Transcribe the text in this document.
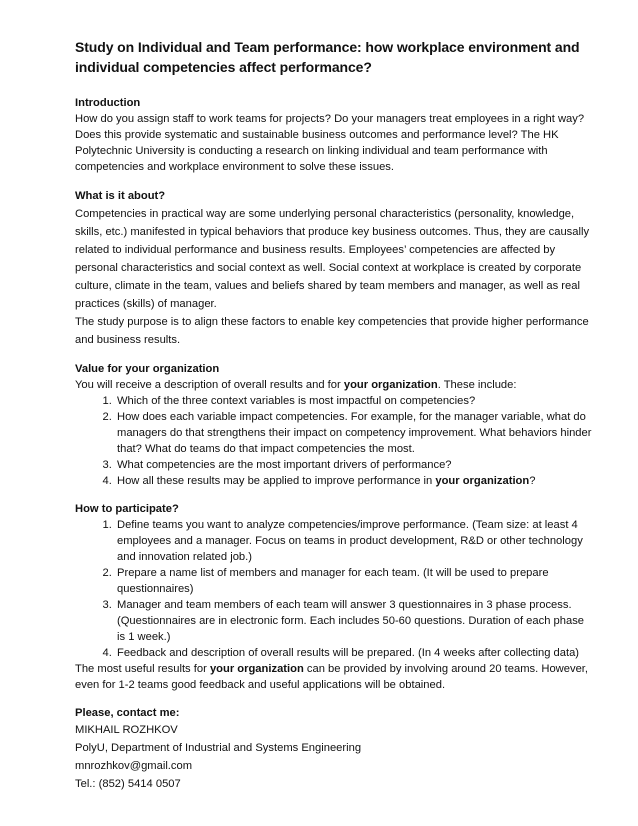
Study on Individual and Team performance: how workplace environment and individual competencies affect performance?
Introduction
How do you assign staff to work teams for projects? Do your managers treat employees in a right way? Does this provide systematic and sustainable business outcomes and performance level? The HK Polytechnic University is conducting a research on linking individual and team performance with competencies and workplace environment to solve these issues.
What is it about?
Competencies in practical way are some underlying personal characteristics (personality, knowledge, skills, etc.) manifested in typical behaviors that produce key business outcomes. Thus, they are causally related to individual performance and business results. Employees’ competencies are affected by personal characteristics and social context as well. Social context at workplace is created by corporate culture, climate in the team, values and beliefs shared by team members and manager, as well as real practices (skills) of manager.
The study purpose is to align these factors to enable key competencies that provide higher performance and business results.
Value for your organization
You will receive a description of overall results and for your organization. These include:
1. Which of the three context variables is most impactful on competencies?
2. How does each variable impact competencies. For example, for the manager variable, what do managers do that strengthens their impact on competency improvement. What behaviors hinder that? What do teams do that impact competencies the most.
3. What competencies are the most important drivers of performance?
4. How all these results may be applied to improve performance in your organization?
How to participate?
1. Define teams you want to analyze competencies/improve performance. (Team size: at least 4 employees and a manager. Focus on teams in product development, R&D or other technology and innovation related job.)
2. Prepare a name list of members and manager for each team. (It will be used to prepare questionnaires)
3. Manager and team members of each team will answer 3 questionnaires in 3 phase process. (Questionnaires are in electronic form. Each includes 50-60 questions. Duration of each phase is 1 week.)
4. Feedback and description of overall results will be prepared. (In 4 weeks after collecting data)
The most useful results for your organization can be provided by involving around 20 teams. However, even for 1-2 teams good feedback and useful applications will be obtained.
Please, contact me:
MIKHAIL ROZHKOV
PolyU, Department of Industrial and Systems Engineering
mnrozhkov@gmail.com
Tel.: (852) 5414 0507
